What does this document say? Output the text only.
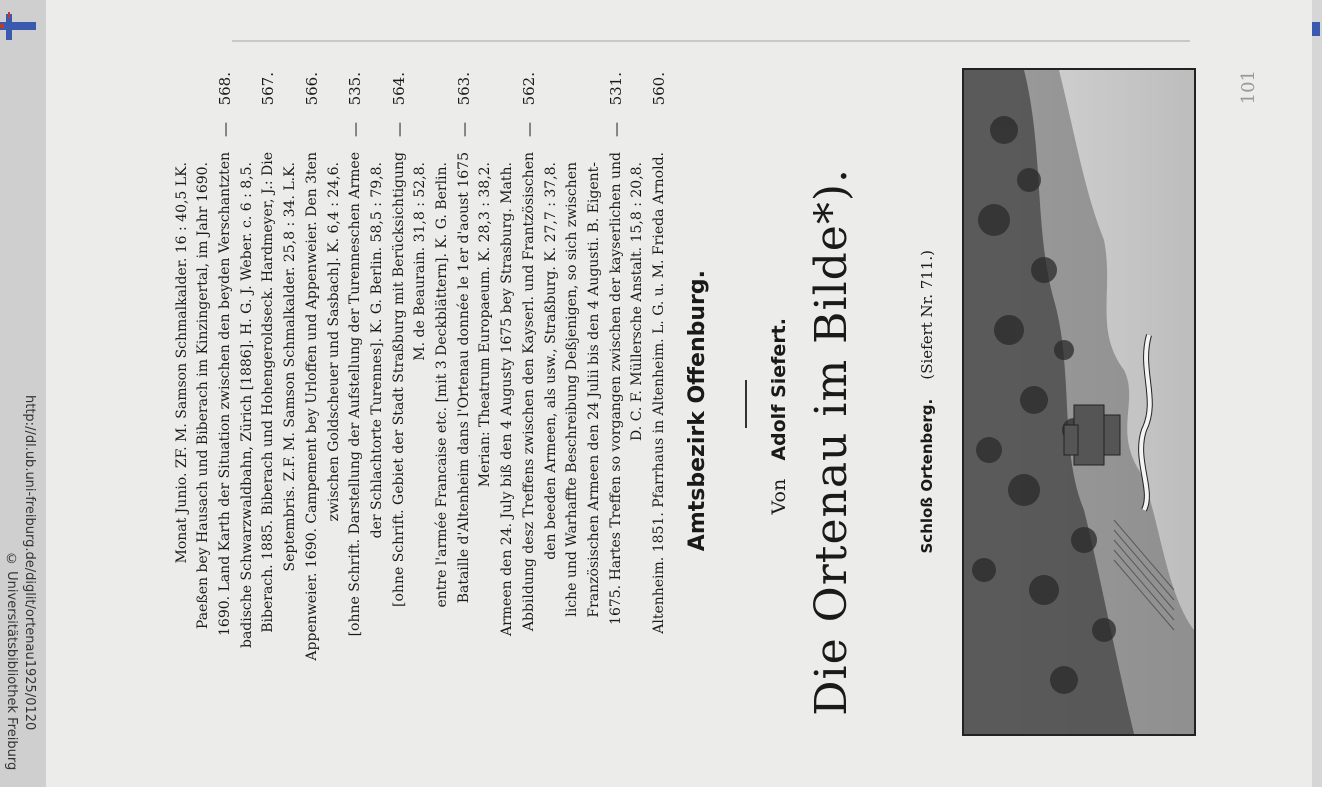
http://dl.ub.uni-freiburg.de/diglit/ortenau1925/0120
© Universitätsbibliothek Freiburg
101
Schloß Ortenberg.    (Siefert Nr. 711.)
Die Ortenau im Bilde*).
Von   Adolf Siefert.
Amtsbezirk Offenburg.
560.
Altenheim. 1851. Pfarrhaus in Altenheim. L. G. u. M. Frieda Arnold.
D. C. F. Müllersche Anstalt. 15,8 : 20,8.
531.
—
1675. Hartes Treffen so vorgangen zwischen der kayserlichen und
Französischen Armeen den 24 Julii bis den 4 Augusti. B. Eigent-
liche und Warhaffte Beschreibung Deßjenigen, so sich zwischen
den beeden Armeen, als usw., Straßburg. K. 27,7 : 37,8.
562.
—
Abbildung desz Treffens zwischen den Kayserl. und Frantzösischen
Armeen den 24. July biß den 4 Augusty 1675 bey Strasburg. Math.
Merian: Theatrum Europaeum. K. 28,3 : 38,2.
563.
—
Bataille d'Altenheim dans l'Ortenau donnée le 1er d'aoust 1675
entre l'armée Francaise etc. [mit 3 Deckblättern]. K. G. Berlin.
M. de Beaurain. 31,8 : 52,8.
564.
—
[ohne Schrift. Gebiet der Stadt Straßburg mit Berücksichtigung
der Schlachtorte Turennes]. K. G. Berlin. 58,5 : 79,8.
535.
—
[ohne Schrift. Darstellung der Aufstellung der Turenneschen Armee
zwischen Goldscheuer und Sasbach]. K. 6,4 : 24,6.
566.
Appenweier. 1690. Campement bey Urloffen und Appenweier. Den 3ten
Septembris. Z.F. M. Samson Schmalkalder. 25,8 : 34. L.K.
567.
Biberach. 1885. Biberach und Hohengeroldseck. Hardmeyer, J.: Die
badische Schwarzwaldbahn, Zürich [1886]. H. G. J. Weber. c. 6 : 8,5.
568.
—
1690. Land Karth der Situation zwischen den beyden Verschantzten
Paeßen bey Hausach und Biberach im Kinzingertal, im Jahr 1690.
Monat Junio. ZF. M. Samson Schmalkalder. 16 : 40,5 LK.
